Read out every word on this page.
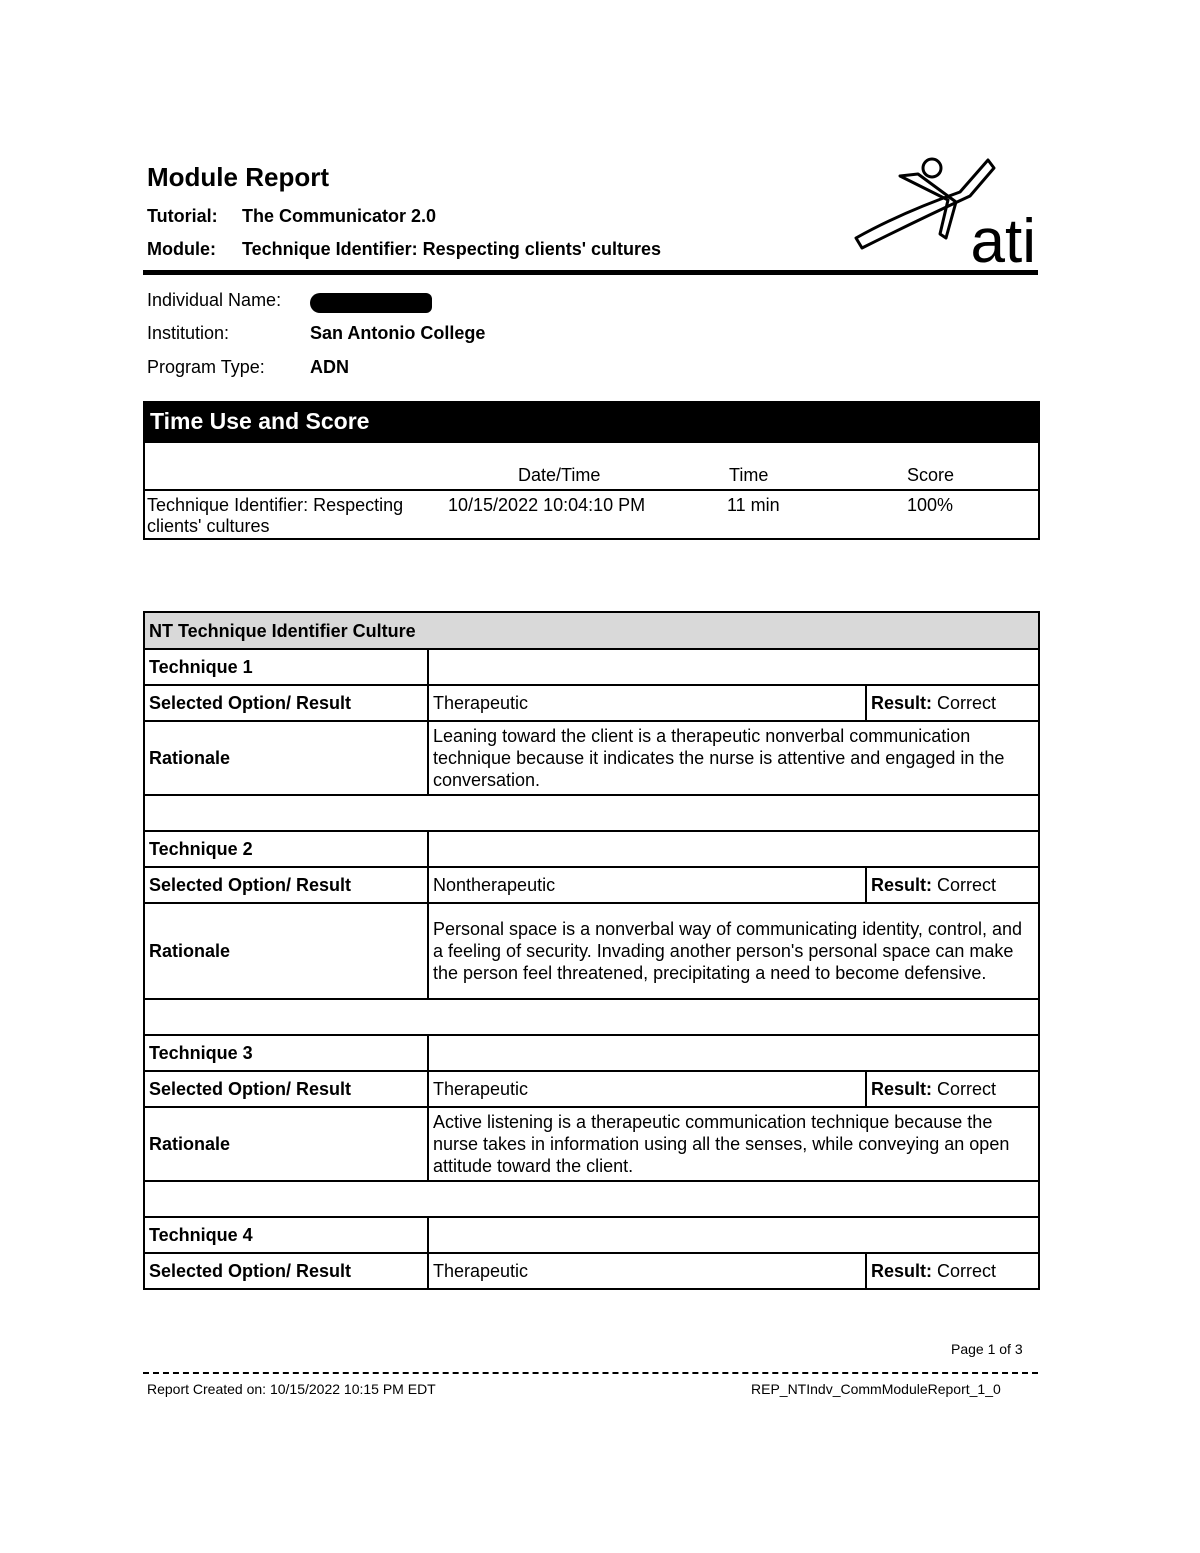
Module Report
Tutorial: The Communicator 2.0
Module: Technique Identifier: Respecting clients' cultures	ati
Individual Name:
Institution:	San Antonio College
Program Type:	ADN
Time Use and Score
Date/Time	Time	Score
Technique Identifier: Respecting
clients' cultures
10/15/2022 10:04:10 PM	11 min	100%
NT Technique Identifier Culture		
Technique 1		
Selected Option/ Result	Therapeutic	Result: Correct
Rationale	Leaning toward the client is a therapeutic nonverbal communication technique because it indicates the nurse is attentive and engaged in the conversation.	

Technique 2		
Selected Option/ Result	Nontherapeutic	Result: Correct
Rationale	Personal space is a nonverbal way of communicating identity, control, and a feeling of security. Invading another person's personal space can make the person feel threatened, precipitating a need to become defensive.	

Technique 3		
Selected Option/ Result	Therapeutic	Result: Correct
Rationale	Active listening is a therapeutic communication technique because the nurse takes in information using all the senses, while conveying an open attitude toward the client.	

Technique 4		
Selected Option/ Result	Therapeutic	Result: Correct
Page 1 of 3
Report Created on: 10/15/2022 10:15 PM EDT	REP_NTIndv_CommModuleReport_1_0
